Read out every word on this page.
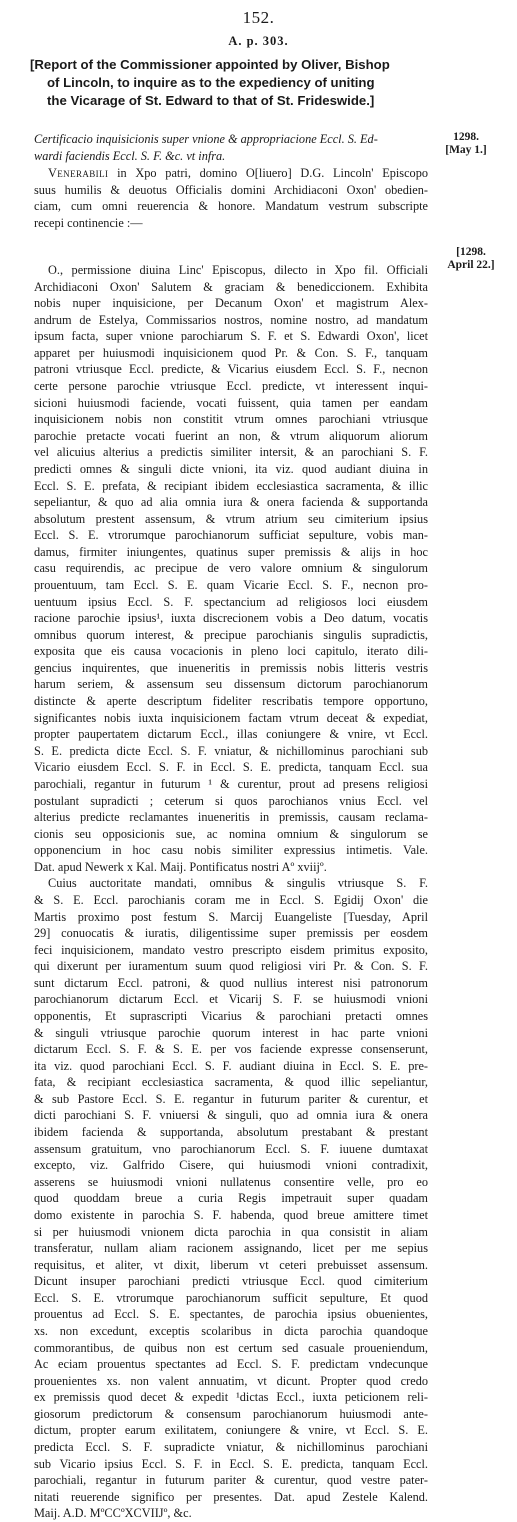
152.
A. p. 303.
[Report of the Commissioner appointed by Oliver, Bishop
of Lincoln, to inquire as to the expediency of uniting
the Vicarage of St. Edward to that of St. Frideswide.]
Certificacio inquisicionis super vnione & appropriacione Eccl. S. Ed-

wardi faciendis Eccl. S. F. &c. vt infra.
1298.
[May 1.]
[1298.
April 22.]
Venerabili in Xpo patri, domino O[liuero] D.G. Lincoln' Episcopo
suus humilis & deuotus Officialis domini Archidiaconi Oxon' obedien-
ciam, cum omni reuerencia & honore. Mandatum vestrum subscripte
recepi continencie :—
O., permissione diuina Linc' Episcopus, dilecto in Xpo fil. Officiali
Archidiaconi Oxon' Salutem & graciam & benediccionem. Exhibita
nobis nuper inquisicione, per Decanum Oxon' et magistrum Alex-
andrum de Estelya, Commissarios nostros, nomine nostro, ad mandatum
ipsum facta, super vnione parochiarum S. F. et S. Edwardi Oxon', licet
apparet per huiusmodi inquisicionem quod Pr. & Con. S. F., tanquam
patroni vtriusque Eccl. predicte, & Vicarius eiusdem Eccl. S. F., necnon
certe persone parochie vtriusque Eccl. predicte, vt interessent inqui-
sicioni huiusmodi faciende, vocati fuissent, quia tamen per eandam
inquisicionem nobis non constitit vtrum omnes parochiani vtriusque
parochie pretacte vocati fuerint an non, & vtrum aliquorum aliorum
vel alicuius alterius a predictis similiter intersit, & an parochiani S. F.
predicti omnes & singuli dicte vnioni, ita viz. quod audiant diuina in
Eccl. S. E. prefata, & recipiant ibidem ecclesiastica sacramenta, & illic
sepeliantur, & quo ad alia omnia iura & onera facienda & supportanda
absolutum prestent assensum, & vtrum atrium seu cimiterium ipsius
Eccl. S. E. vtrorumque parochianorum sufficiat sepulture, vobis man-
damus, firmiter iniungentes, quatinus super premissis & alijs in hoc
casu requirendis, ac precipue de vero valore omnium & singulorum
prouentuum, tam Eccl. S. E. quam Vicarie Eccl. S. F., necnon pro-
uentuum ipsius Eccl. S. F. spectancium ad religiosos loci eiusdem
racione parochie ipsius¹, iuxta discrecionem vobis a Deo datum, vocatis
omnibus quorum interest, & precipue parochianis singulis supradictis,
exposita que eis causa vocacionis in pleno loci capitulo, iterato dili-
gencius inquirentes, que inueneritis in premissis nobis litteris vestris
harum seriem, & assensum seu dissensum dictorum parochianorum
distincte & aperte descriptum fideliter rescribatis tempore opportuno,
significantes nobis iuxta inquisicionem factam vtrum deceat & expediat,
propter paupertatem dictarum Eccl., illas coniungere & vnire, vt Eccl.
S. E. predicta dicte Eccl. S. F. vniatur, & nichillominus parochiani sub
Vicario eiusdem Eccl. S. F. in Eccl. S. E. predicta, tanquam Eccl. sua
parochiali, regantur in futurum ¹ & curentur, prout ad presens religiosi
postulant supradicti ; ceterum si quos parochianos vnius Eccl. vel
alterius predicte reclamantes inueneritis in premissis, causam reclama-
cionis seu opposicionis sue, ac nomina omnium & singulorum se
opponencium in hoc casu nobis similiter expressius intimetis. Vale.
Dat. apud Newerk x Kal. Maij. Pontificatus nostri Aº xviijº.
Cuius auctoritate mandati, omnibus & singulis vtriusque S. F.
& S. E. Eccl. parochianis coram me in Eccl. S. Egidij Oxon' die
Martis proximo post festum S. Marcij Euangeliste [Tuesday, April
29] conuocatis & iuratis, diligentissime super premissis per eosdem
feci inquisicionem, mandato vestro prescripto eisdem primitus exposito,
qui dixerunt per iuramentum suum quod religiosi viri Pr. & Con. S. F.
sunt dictarum Eccl. patroni, & quod nullius interest nisi patronorum
parochianorum dictarum Eccl. et Vicarij S. F. se huiusmodi vnioni
opponentis, Et suprascripti Vicarius & parochiani pretacti omnes
& singuli vtriusque parochie quorum interest in hac parte vnioni
dictarum Eccl. S. F. & S. E. per vos faciende expresse consenserunt,
ita viz. quod parochiani Eccl. S. F. audiant diuina in Eccl. S. E. pre-
fata, & recipiant ecclesiastica sacramenta, & quod illic sepeliantur,
& sub Pastore Eccl. S. E. regantur in futurum pariter & curentur, et
dicti parochiani S. F. vniuersi & singuli, quo ad omnia iura & onera
ibidem facienda & supportanda, absolutum prestabant & prestant
assensum gratuitum, vno parochianorum Eccl. S. F. iuuene dumtaxat
excepto, viz. Galfrido Cisere, qui huiusmodi vnioni contradixit,
asserens se huiusmodi vnioni nullatenus consentire velle, pro eo
quod quoddam breue a curia Regis impetrauit super quadam
domo existente in parochia S. F. habenda, quod breue amittere timet
si per huiusmodi vnionem dicta parochia in qua consistit in aliam
transferatur, nullam aliam racionem assignando, licet per me sepius
requisitus, et aliter, vt dixit, liberum vt ceteri prebuisset assensum.
Dicunt insuper parochiani predicti vtriusque Eccl. quod cimiterium
Eccl. S. E. vtrorumque parochianorum sufficit sepulture, Et quod
prouentus ad Eccl. S. E. spectantes, de parochia ipsius obuenientes,
xs. non excedunt, exceptis scolaribus in dicta parochia quandoque
commorantibus, de quibus non est certum sed casuale proueniendum,
Ac eciam prouentus spectantes ad Eccl. S. F. predictam vndecunque
prouenientes xs. non valent annuatim, vt dicunt. Propter quod credo
ex premissis quod decet & expedit ¹dictas Eccl., iuxta peticionem reli-
giosorum predictorum & consensum parochianorum huiusmodi ante-
dictum, propter earum exilitatem, coniungere & vnire, vt Eccl. S. E.
predicta Eccl. S. F. supradicte vniatur, & nichillominus parochiani
sub Vicario ipsius Eccl. S. F. in Eccl. S. E. predicta, tanquam Eccl.
parochiali, regantur in futurum pariter & curentur, quod vestre pater-
nitati reuerende significo per presentes. Dat. apud Zestele Kalend.
Maij. A.D. MºCCºXCVIIJº, &c.
